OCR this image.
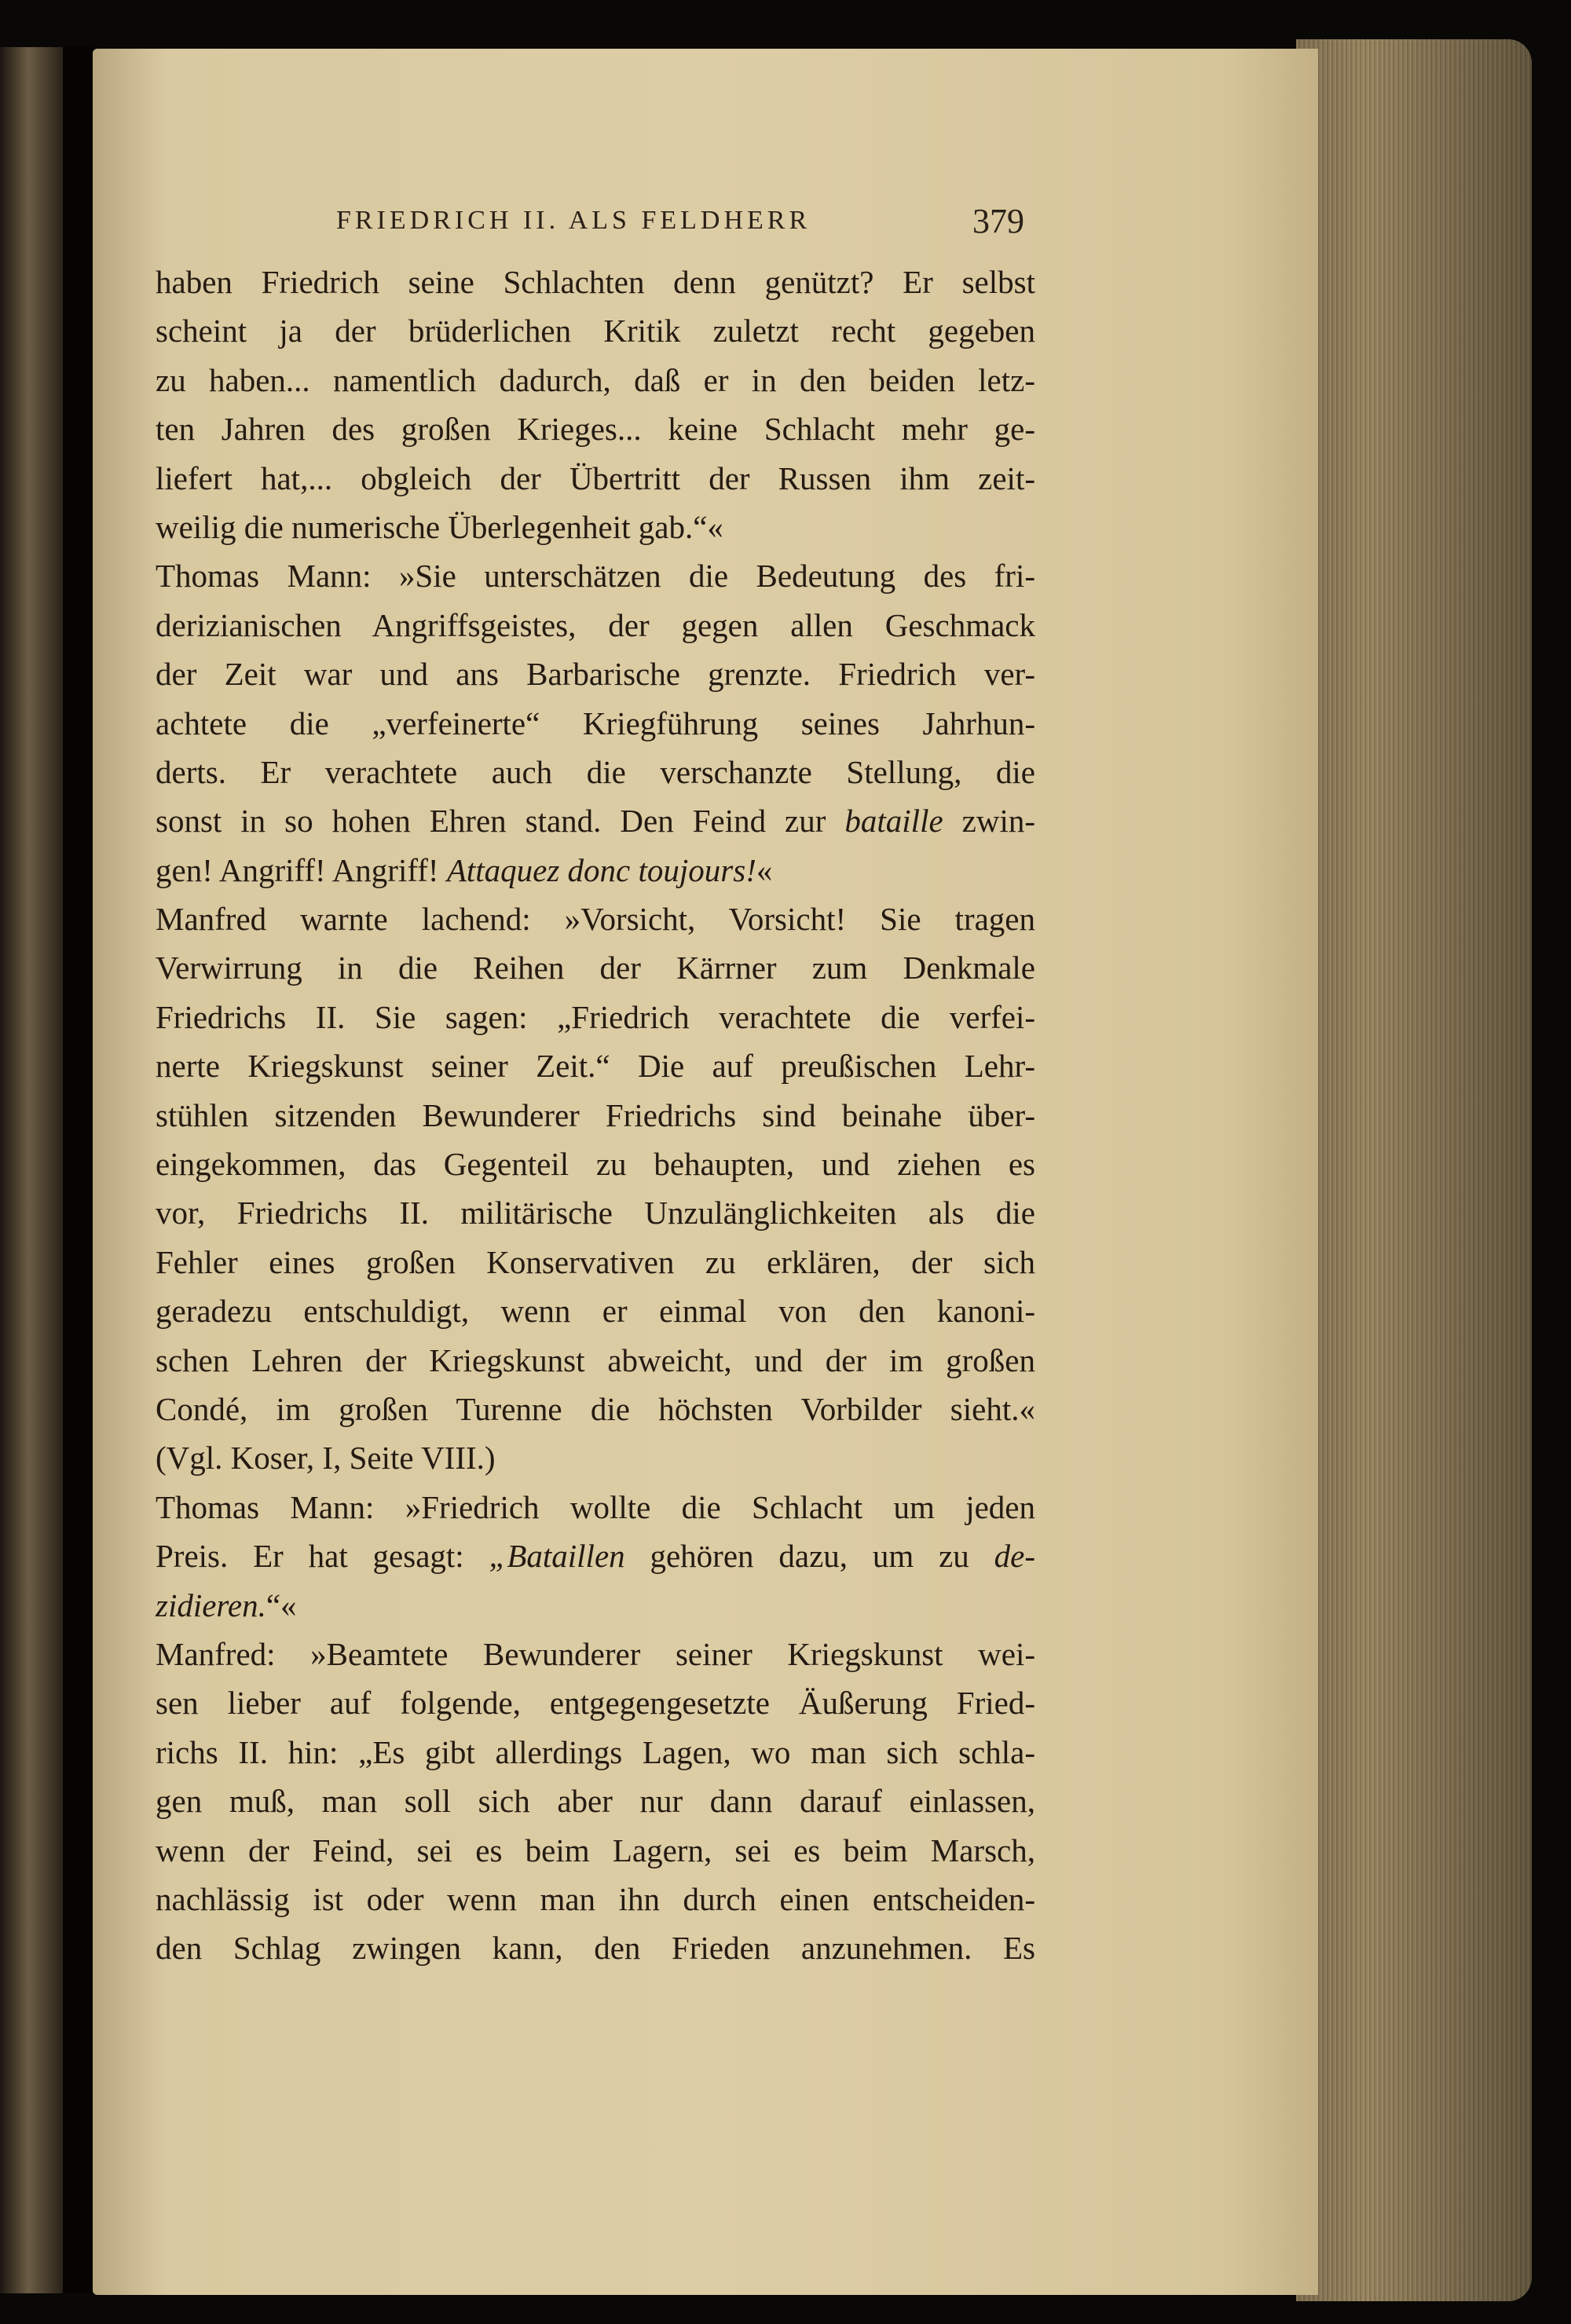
FRIEDRICH II. ALS FELDHERR	379
haben Friedrich seine Schlachten denn genützt? Er selbst
scheint ja der brüderlichen Kritik zuletzt recht gegeben
zu haben... namentlich dadurch, daß er in den beiden letz-
ten Jahren des großen Krieges... keine Schlacht mehr ge-
liefert hat,... obgleich der Übertritt der Russen ihm zeit-
weilig die numerische Überlegenheit gab.“«
Thomas Mann: »Sie unterschätzen die Bedeutung des fri-
derizianischen Angriffsgeistes, der gegen allen Geschmack
der Zeit war und ans Barbarische grenzte. Friedrich ver-
achtete die „verfeinerte“ Kriegführung seines Jahrhun-
derts. Er verachtete auch die verschanzte Stellung, die
sonst in so hohen Ehren stand. Den Feind zur bataille zwin-
gen! Angriff! Angriff! Attaquez donc toujours!«
Manfred warnte lachend: »Vorsicht, Vorsicht! Sie tragen
Verwirrung in die Reihen der Kärrner zum Denkmale
Friedrichs II. Sie sagen: „Friedrich verachtete die verfei-
nerte Kriegskunst seiner Zeit.“ Die auf preußischen Lehr-
stühlen sitzenden Bewunderer Friedrichs sind beinahe über-
eingekommen, das Gegenteil zu behaupten, und ziehen es
vor, Friedrichs II. militärische Unzulänglichkeiten als die
Fehler eines großen Konservativen zu erklären, der sich
geradezu entschuldigt, wenn er einmal von den kanoni-
schen Lehren der Kriegskunst abweicht, und der im großen
Condé, im großen Turenne die höchsten Vorbilder sieht.«
(Vgl. Koser, I, Seite VIII.)
Thomas Mann: »Friedrich wollte die Schlacht um jeden
Preis. Er hat gesagt: „Bataillen gehören dazu, um zu de-
zidieren.“«
Manfred: »Beamtete Bewunderer seiner Kriegskunst wei-
sen lieber auf folgende, entgegengesetzte Äußerung Fried-
richs II. hin: „Es gibt allerdings Lagen, wo man sich schla-
gen muß, man soll sich aber nur dann darauf einlassen,
wenn der Feind, sei es beim Lagern, sei es beim Marsch,
nachlässig ist oder wenn man ihn durch einen entscheiden-
den Schlag zwingen kann, den Frieden anzunehmen. Es
